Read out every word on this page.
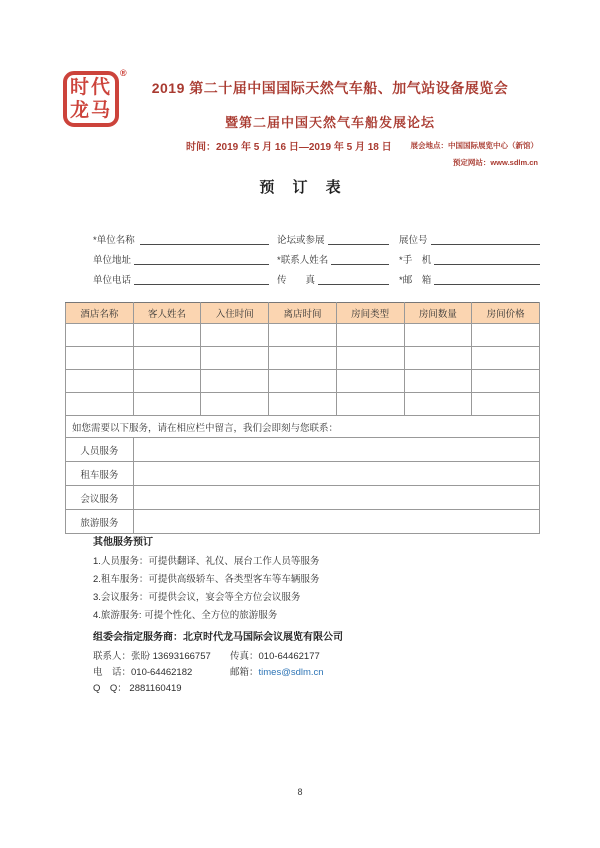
时代
龙马
®
2019 第二十届中国国际天然气车船、加气站设备展览会
暨第二届中国天然气车船发展论坛
时间：2019 年 5 月 16 日—2019 年 5 月 18 日	展会地点：中国国际展览中心（新馆）
预定网站：www.sdlm.cn
预 订 表
*单位名称	论坛或参展	展位号
单位地址	*联系人姓名	*手　机
单位电话	传　　真	*邮　箱
酒店名称	客人姓名	入住时间	离店时间	房间类型	房间数量	房间价格

如您需要以下服务，请在相应栏中留言，我们会即刻与您联系：						
人员服务						
租车服务						
会议服务						
旅游服务						
其他服务预订
1.人员服务：可提供翻译、礼仪、展台工作人员等服务
2.租车服务：可提供高级轿车、各类型客车等车辆服务
3.会议服务：可提供会议，宴会等全方位会议服务
4.旅游服务: 可提个性化、全方位的旅游服务
组委会指定服务商：北京时代龙马国际会议展览有限公司
联系人：张盼 13693166757	传真：010-64462177
电　话：010-64462182	邮箱： times@sdlm.cn
Q　Q： 2881160419
8
